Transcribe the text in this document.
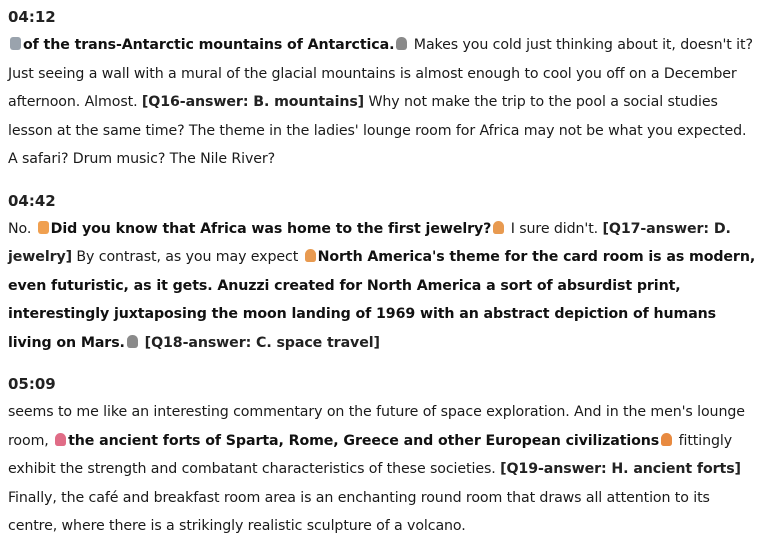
04:12
of the trans-Antarctic mountains of Antarctica. Makes you cold just thinking about it, doesn't it? Just seeing a wall with a mural of the glacial mountains is almost enough to cool you off on a December afternoon. Almost. [Q16-answer: B. mountains] Why not make the trip to the pool a social studies lesson at the same time? The theme in the ladies' lounge room for Africa may not be what you expected. A safari? Drum music? The Nile River?
04:42
No. Did you know that Africa was home to the first jewelry? I sure didn't. [Q17-answer: D. jewelry] By contrast, as you may expect North America's theme for the card room is as modern, even futuristic, as it gets. Anuzzi created for North America a sort of absurdist print, interestingly juxtaposing the moon landing of 1969 with an abstract depiction of humans living on Mars. [Q18-answer: C. space travel]
05:09
seems to me like an interesting commentary on the future of space exploration. And in the men's lounge room, the ancient forts of Sparta, Rome, Greece and other European civilizations fittingly exhibit the strength and combatant characteristics of these societies. [Q19-answer: H. ancient forts] Finally, the café and breakfast room area is an enchanting round room that draws all attention to its centre, where there is a strikingly realistic sculpture of a volcano.
